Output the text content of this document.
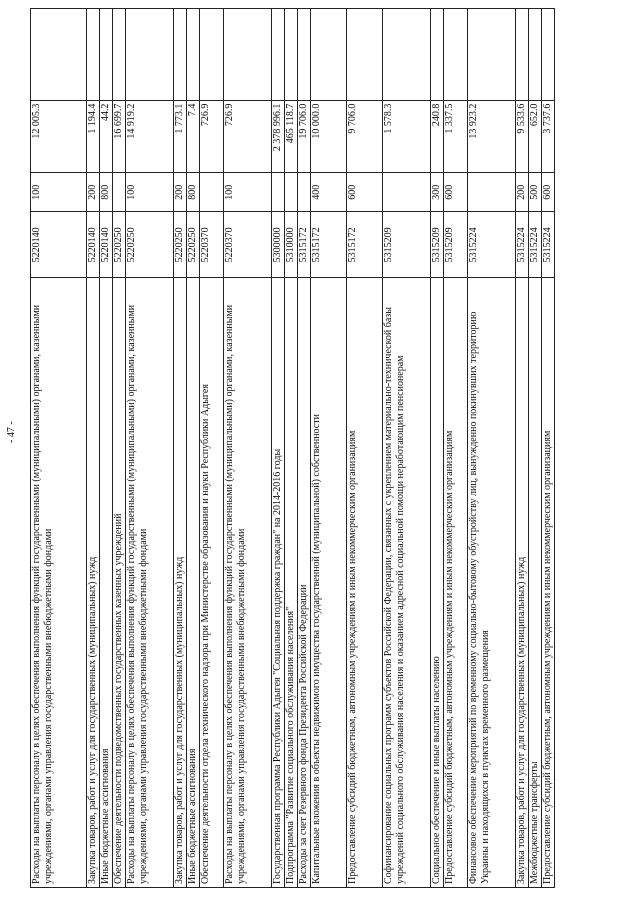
- 47 - Расходы на выплаты персоналу в целях обеспечения выполнения функций государственными (муниципальными) органами, казенными учреждениями, органами управления государственными внебюджетными фондами	5220140	100	12 005.3	
Закупка товаров, работ и услуг для государственных (муниципальных) нужд	5220140	200	1 194.4	
Иные бюджетные ассигнования	5220140	800	44.2	
Обеспечение деятельности подведомственных государственных казенных учреждений	5220250		16 699.7	
Расходы на выплаты персоналу в целях обеспечения выполнения функций государственными (муниципальными) органами, казенными учреждениями, органами управления государственными внебюджетными фондами	5220250	100	14 919.2	
Закупка товаров, работ и услуг для государственных (муниципальных) нужд	5220250	200	1 773.1	
Иные бюджетные ассигнования	5220250	800	7.4	
Обеспечение деятельности отдела технического надзора при Министерстве образования и науки Республики Адыгея	5220370		726.9	
Расходы на выплаты персоналу в целях обеспечения выполнения функций государственными (муниципальными) органами, казенными учреждениями, органами управления государственными внебюджетными фондами	5220370	100	726.9	
Государственная программа Республики Адыгея "Социальная поддержка граждан" на 2014-2016 годы	5300000		2 378 996.1	
Подпрограмма "Развитие социального обслуживания населения"	5310000		465 118.7	
Расходы за счет Резервного фонда Президента Российской Федерации	5315172		19 706.0	
Капитальные вложения в объекты недвижимого имущества государственной (муниципальной) собственности	5315172	400	10 000.0	
Предоставление субсидий бюджетным, автономным учреждениям и иным некоммерческим организациям	5315172	600	9 706.0	
Софинансирование социальных программ субъектов Российской Федерации, связанных с укреплением материально-технической базы учреждений социального обслуживания населения и оказанием адресной социальной помощи неработающим пенсионерам	5315209		1 578.3	
Социальное обеспечение и иные выплаты населению	5315209	300	240.8	
Предоставление субсидий бюджетным, автономным учреждениям и иным некоммерческим организациям	5315209	600	1 337.5	
Финансовое обеспечение мероприятий по временному социально-бытовому обустройству лиц, вынужденно покинувших территорию Украины и находящихся в пунктах временного размещения	5315224		13 923.2	
Закупка товаров, работ и услуг для государственных (муниципальных) нужд	5315224	200	9 533.6	
Межбюджетные трансферты	5315224	500	652.0	
Предоставление субсидий бюджетным, автономным учреждениям и иным некоммерческим организациям	5315224	600	3 737.6	
